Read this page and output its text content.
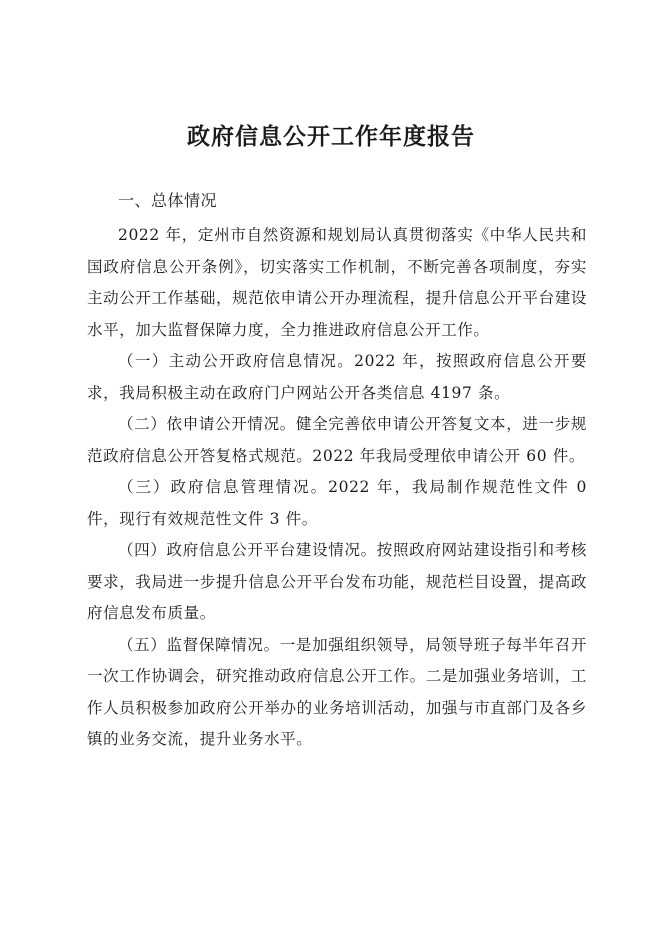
政府信息公开工作年度报告
一、总体情况

2022 年，定州市自然资源和规划局认真贯彻落实《中华人民共和国政府信息公开条例》，切实落实工作机制，不断完善各项制度，夯实主动公开工作基础，规范依申请公开办理流程，提升信息公开平台建设水平，加大监督保障力度，全力推进政府信息公开工作。

（一）主动公开政府信息情况。2022 年，按照政府信息公开要求，我局积极主动在政府门户网站公开各类信息 4197 条。

（二）依申请公开情况。健全完善依申请公开答复文本，进一步规范政府信息公开答复格式规范。2022 年我局受理依申请公开 60 件。

（三）政府信息管理情况。2022 年，我局制作规范性文件 0 件，现行有效规范性文件 3 件。

（四）政府信息公开平台建设情况。按照政府网站建设指引和考核要求，我局进一步提升信息公开平台发布功能，规范栏目设置，提高政府信息发布质量。

（五）监督保障情况。一是加强组织领导，局领导班子每半年召开一次工作协调会，研究推动政府信息公开工作。二是加强业务培训，工作人员积极参加政府公开举办的业务培训活动，加强与市直部门及各乡镇的业务交流，提升业务水平。
